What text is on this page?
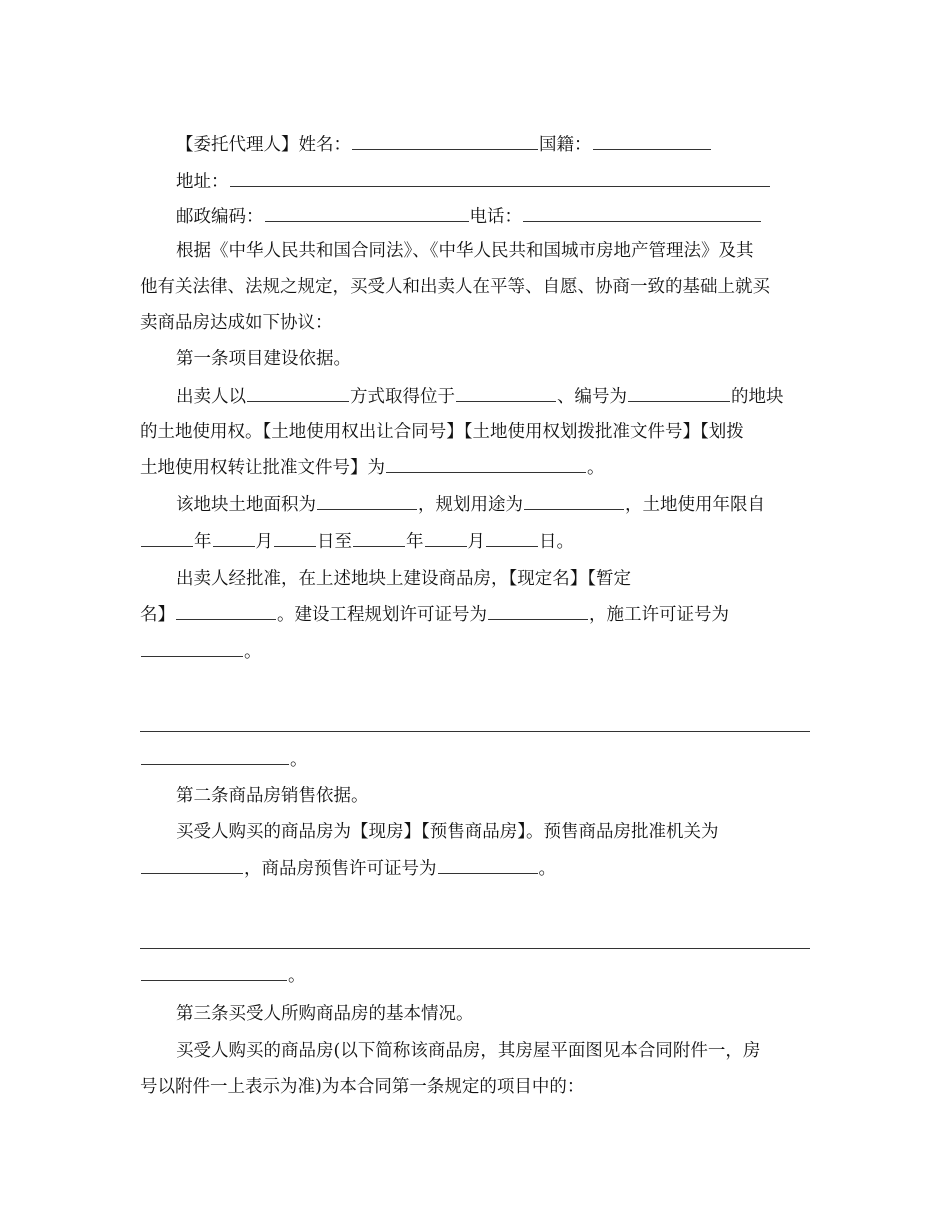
【委托代理人】姓名：	国籍：
地址：
邮政编码：	电话：
根据《中华人民共和国合同法》、《中华人民共和国城市房地产管理法》及其
他有关法律、法规之规定，买受人和出卖人在平等、自愿、协商一致的基础上就买
卖商品房达成如下协议：
第一条项目建设依据。
出卖人以	方式取得位于	、编号为	的地块
的土地使用权。【土地使用权出让合同号】【土地使用权划拨批准文件号】【划拨
土地使用权转让批准文件号】为	。
该地块土地面积为	，规划用途为	，土地使用年限自
年	月	日至	年	月	日。
出卖人经批准，在上述地块上建设商品房，【现定名】【暂定
名】	。建设工程规划许可证号为	，施工许可证号为
。
。
第二条商品房销售依据。
买受人购买的商品房为【现房】【预售商品房】。预售商品房批准机关为
，商品房预售许可证号为	。
。
第三条买受人所购商品房的基本情况。
买受人购买的商品房(以下简称该商品房，其房屋平面图见本合同附件一，房
号以附件一上表示为准)为本合同第一条规定的项目中的：
